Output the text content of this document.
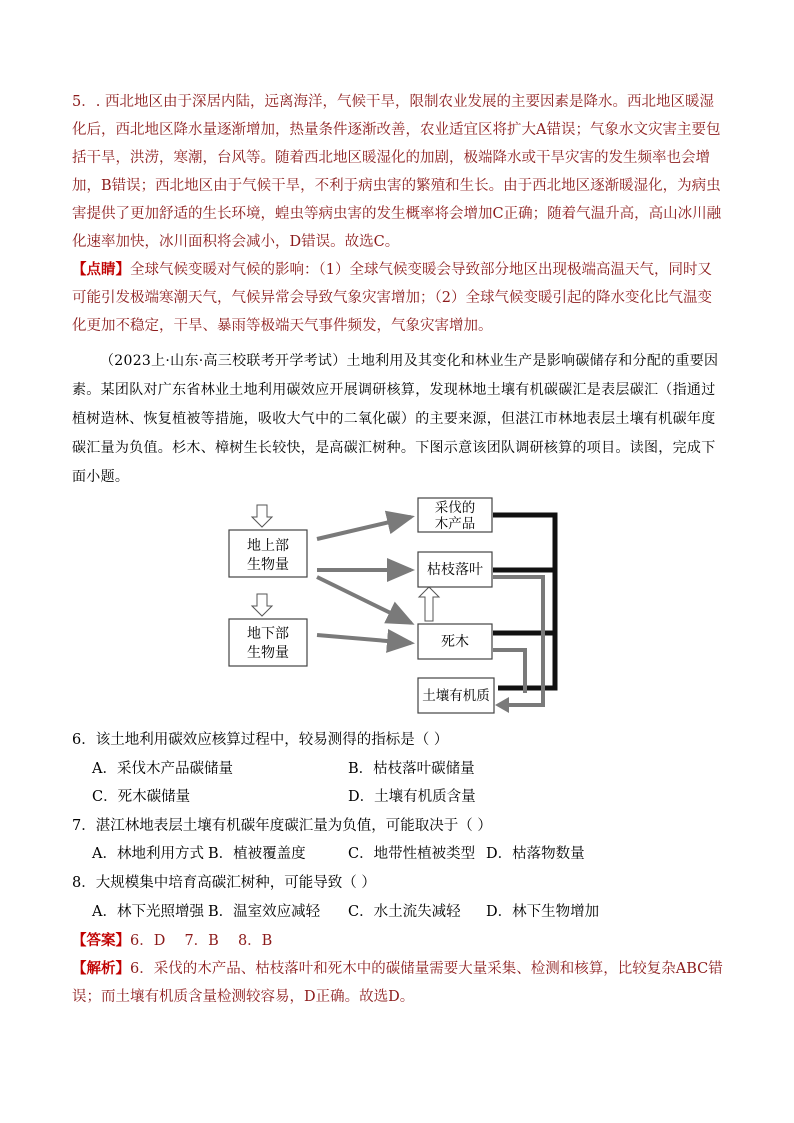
5．. 西北地区由于深居内陆，远离海洋，气候干旱，限制农业发展的主要因素是降水。西北地区暖湿化后，西北地区降水量逐渐增加，热量条件逐渐改善，农业适宜区将扩大A错误；气象水文灾害主要包括干旱，洪涝，寒潮，台风等。随着西北地区暖湿化的加剧，极端降水或干旱灾害的发生频率也会增加，B错误；西北地区由于气候干旱，不利于病虫害的繁殖和生长。由于西北地区逐渐暖湿化，为病虫害提供了更加舒适的生长环境，蝗虫等病虫害的发生概率将会增加C正确；随着气温升高，高山冰川融化速率加快，冰川面积将会减小，D错误。故选C。
【点睛】全球气候变暖对气候的影响：（1）全球气候变暖会导致部分地区出现极端高温天气，同时又可能引发极端寒潮天气，气候异常会导致气象灾害增加；（2）全球气候变暖引起的降水变化比气温变化更加不稳定，干旱、暴雨等极端天气事件频发，气象灾害增加。
（2023上·山东·高三校联考开学考试）土地利用及其变化和林业生产是影响碳储存和分配的重要因素。某团队对广东省林业土地利用碳效应开展调研核算，发现林地土壤有机碳碳汇是表层碳汇（指通过植树造林、恢复植被等措施，吸收大气中的二氧化碳）的主要来源，但湛江市林地表层土壤有机碳年度碳汇量为负值。杉木、樟树生长较快，是高碳汇树种。下图示意该团队调研核算的项目。读图，完成下面小题。
地上部
生物量
地下部
生物量
采伐的
木产品
枯枝落叶
死木
土壤有机质
6．该土地利用碳效应核算过程中，较易测得的指标是（ ）
A．采伐木产品碳储量	B．枯枝落叶碳储量
C．死木碳储量	D．土壤有机质含量
7．湛江林地表层土壤有机碳年度碳汇量为负值，可能取决于（ ）
A．林地利用方式 B．植被覆盖度	C．地带性植被类型 D．枯落物数量
8．大规模集中培育高碳汇树种，可能导致（ ）
A．林下光照增强 B．温室效应减轻 C．水土流失减轻 D．林下生物增加
【答案】6．D　 7．B　 8．B
【解析】6．采伐的木产品、枯枝落叶和死木中的碳储量需要大量采集、检测和核算，比较复杂ABC错误；而土壤有机质含量检测较容易，D正确。故选D。
